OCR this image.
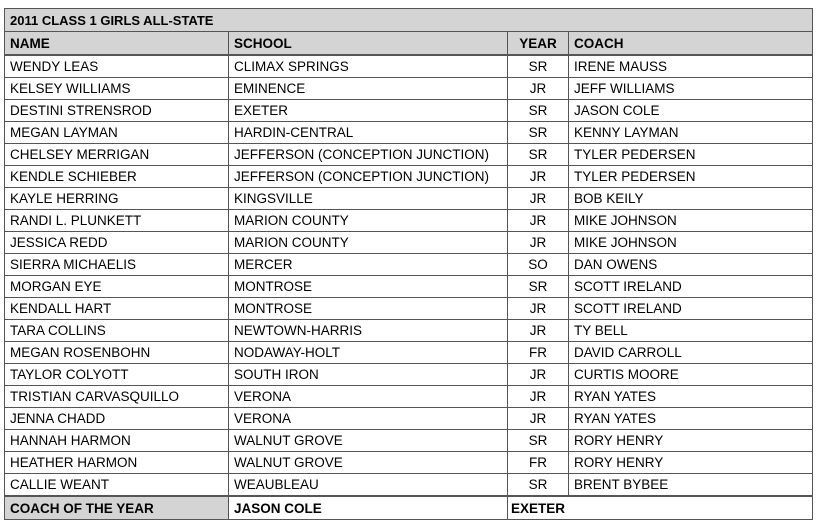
2011 CLASS 1 GIRLS ALL-STATE			
NAME	SCHOOL	YEAR	COACH
WENDY LEAS	CLIMAX SPRINGS	SR	IRENE MAUSS
KELSEY WILLIAMS	EMINENCE	JR	JEFF WILLIAMS
DESTINI STRENSROD	EXETER	SR	JASON COLE
MEGAN LAYMAN	HARDIN-CENTRAL	SR	KENNY LAYMAN
CHELSEY MERRIGAN	JEFFERSON (CONCEPTION JUNCTION)	SR	TYLER PEDERSEN
KENDLE SCHIEBER	JEFFERSON (CONCEPTION JUNCTION)	JR	TYLER PEDERSEN
KAYLE HERRING	KINGSVILLE	JR	BOB KEILY
RANDI L. PLUNKETT	MARION COUNTY	JR	MIKE JOHNSON
JESSICA REDD	MARION COUNTY	JR	MIKE JOHNSON
SIERRA MICHAELIS	MERCER	SO	DAN OWENS
MORGAN EYE	MONTROSE	SR	SCOTT IRELAND
KENDALL HART	MONTROSE	JR	SCOTT IRELAND
TARA COLLINS	NEWTOWN-HARRIS	JR	TY BELL
MEGAN ROSENBOHN	NODAWAY-HOLT	FR	DAVID CARROLL
TAYLOR COLYOTT	SOUTH IRON	JR	CURTIS MOORE
TRISTIAN CARVASQUILLO	VERONA	JR	RYAN YATES
JENNA CHADD	VERONA	JR	RYAN YATES
HANNAH HARMON	WALNUT GROVE	SR	RORY HENRY
HEATHER HARMON	WALNUT GROVE	FR	RORY HENRY
CALLIE WEANT	WEAUBLEAU	SR	BRENT BYBEE
COACH OF THE YEAR	JASON COLE	EXETER	
